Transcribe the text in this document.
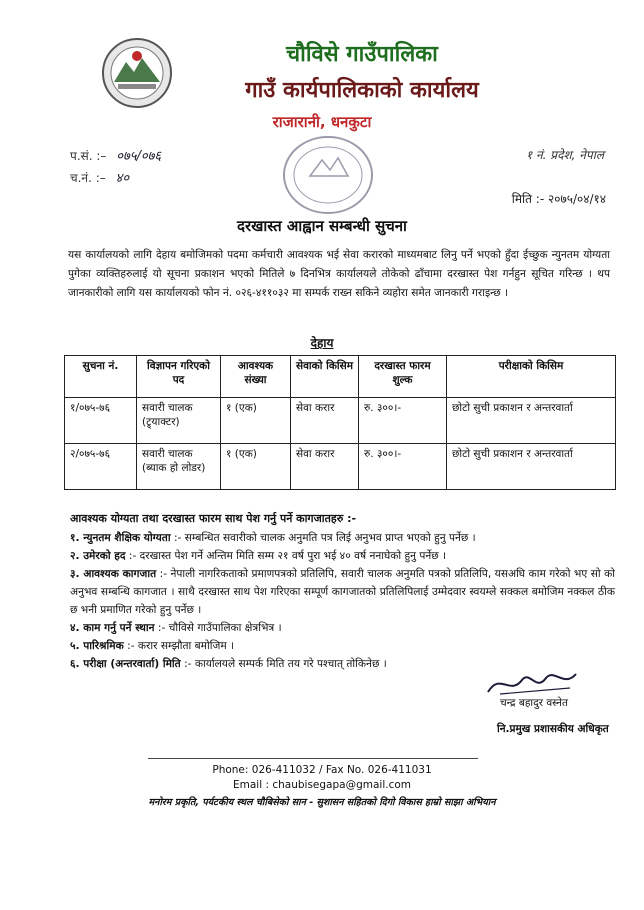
चौविसे गाउँपालिका
गाउँ कार्यपालिकाको कार्यालय
राजारानी, धनकुटा
प.सं. :– ०७५/०७६
च.नं. :– ४०
१ नं. प्रदेश, नेपाल
मिति :- २०७५/०४/१४
दरखास्त आह्वान सम्बन्धी सुचना

यस कार्यालयको लागि देहाय बमोजिमको पदमा कर्मचारी आवश्यक भई सेवा करारको माध्यमबाट लिनु पर्ने भएको हुँदा ईच्छुक न्युनतम योग्यता पुगेका व्यक्तिहरुलाई यो सूचना प्रकाशन भएको मितिले ७ दिनभित्र कार्यालयले तोकेको ढाँचामा दरखास्त पेश गर्नहुन सूचित गरिन्छ । थप जानकारीको लागि यस कार्यालयको फोन नं. ०२६-४११०३२ मा सम्पर्क राख्न सकिने व्यहोरा समेत जानकारी गराइन्छ ।

देहाय
सुचना नं.	विज्ञापन गरिएको पद	आवश्यक संख्या	सेवाको किसिम	दरखास्त फारम शुल्क	परीक्षाको किसिम
१/०७५-७६	सवारी चालक (ट्र्याक्टर)	१ (एक)	सेवा करार	रु. ३००।-	छोटो सुची प्रकाशन र अन्तरवार्ता
२/०७५-७६	सवारी चालक (ब्याक हो लोडर)	१ (एक)	सेवा करार	रु. ३००।-	छोटो सुची प्रकाशन र अन्तरवार्ता
आवश्यक योग्यता तथा दरखास्त फारम साथ पेश गर्नु पर्ने कागजातहरु :-
१. न्युनतम शैक्षिक योग्यता :- सम्बन्धित सवारीको चालक अनुमति पत्र लिई अनुभव प्राप्त भएको हुनु पर्नेछ ।
२. उमेरको हद :- दरखास्त पेश गर्ने अन्तिम मिति सम्म २१ वर्ष पुरा भई ४० वर्ष ननाघेको हुनु पर्नेछ ।
३. आवश्यक कागजात :- नेपाली नागरिकताको प्रमाणपत्रको प्रतिलिपि, सवारी चालक अनुमति पत्रको प्रतिलिपि, यसअघि काम गरेको भए सो को अनुभव सम्बन्धि कागजात । साथै दरखास्त साथ पेश गरिएका सम्पूर्ण कागजातको प्रतिलिपिलाई उम्मेदवार स्वयम्ले सक्कल बमोजिम नक्कल ठीक छ भनी प्रमाणित गरेको हुनु पर्नेछ ।
४. काम गर्नु पर्ने स्थान :- चौविसे गाउँपालिका क्षेत्रभित्र ।
५. पारिश्रमिक :- करार सम्झौता बमोजिम ।
६. परीक्षा (अन्तरवार्ता) मिति :- कार्यालयले सम्पर्क मिति तय गरे पश्चात् तोकिनेछ ।
चन्द्र बहादुर वस्नेत
नि.प्रमुख प्रशासकीय अधिकृत
Phone: 026-411032 / Fax No. 026-411031
Email : chaubisegapa@gmail.com
मनोरम प्रकृति, पर्यटकीय स्थल चौबिसेको सान - सुशासन सहितको दिगो विकास हाम्रो साझा अभियान
